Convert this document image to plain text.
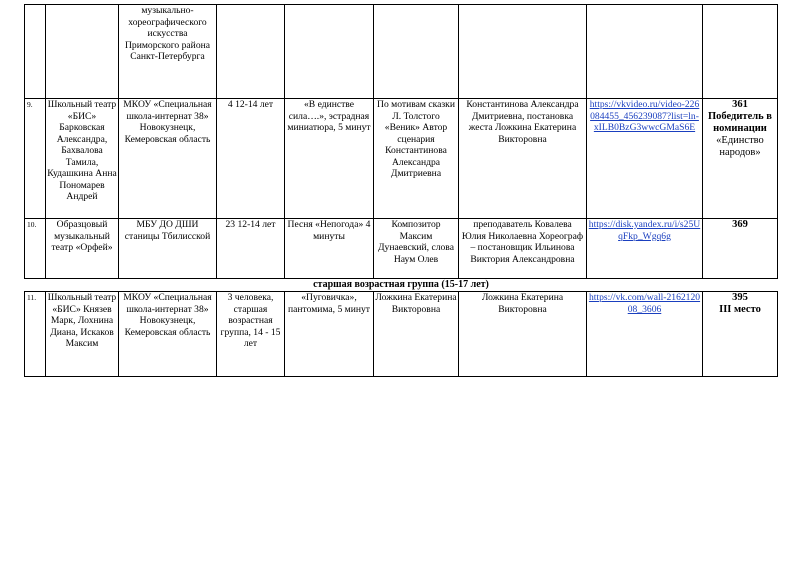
		музыкально-хореографического искусства Приморского района Санкт-Петербурга						
9.	Школьный театр «БИС» Барковская Александра, Бахвалова Тамила, Кудашкина Анна Пономарев Андрей	МКОУ «Специальная школа-интернат 38» Новокузнецк, Кемеровская область	4 12-14 лет	«В единстве сила….», эстрадная миниатюра, 5 минут	По мотивам сказки Л. Толстого «Веник» Автор сценария Константинова Александра Дмитриевна	Константинова Александра Дмитриевна, постановка жеста Ложкина Екатерина Викторовна	https://vkvideo.ru/video-226084455_456239087?list=ln-xILB0BzG3wwcGMaS6E	361
Победитель в
номинации
«Единство народов»

10.	Образцовый музыкальный театр «Орфей»	МБУ ДО ДШИ станицы Тбилисской	23 12-14 лет	Песня «Непогода» 4 минуты	Композитор Максим Дунаевский, слова Наум Олев	преподаватель Ковалева Юлия Николаевна Хореограф – постановщик Ильинова Виктория Александровна	https://disk.yandex.ru/i/s25UqFkp_Wgq6g	369
старшая возрастная группа (15-17 лет)								
11.	Школьный театр «БИС» Князев Марк, Лохнина Диана, Искаков Максим	МКОУ «Специальная школа-интернат 38» Новокузнецк, Кемеровская область	3 человека, старшая возрастная группа, 14 - 15 лет	«Пуговичка», пантомима, 5 минут	Ложкина Екатерина Викторовна	Ложкина Екатерина Викторовна	https://vk.com/wall-216212008_3606	395
III место
